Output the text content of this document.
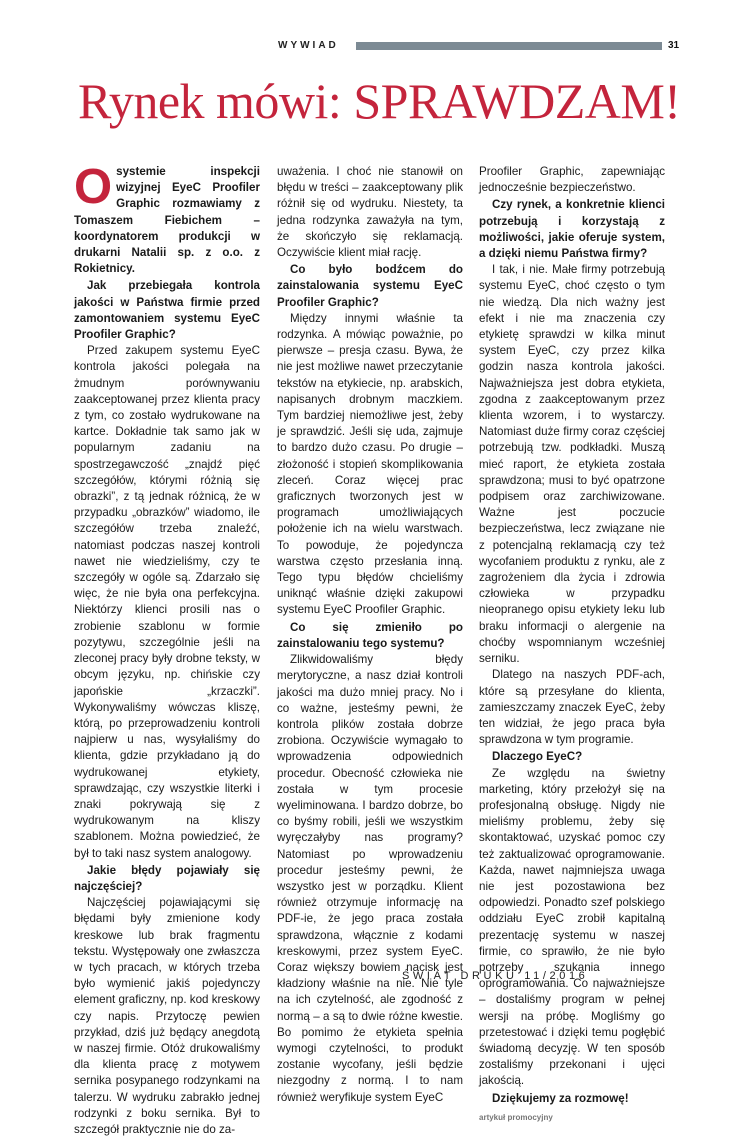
WYWIAD	31
Rynek mówi: SPRAWDZAM!

Osystemie inspekcji wizyjnej EyeC Proofiler Graphic rozmawiamy z Tomaszem Fiebichem – koordynatorem produkcji w drukarni Natalii sp. z o.o. z Rokietnicy.

Jak przebiegała kontrola jakości w Państwa firmie przed zamontowaniem systemu EyeC Proofiler Graphic?

Przed zakupem systemu EyeC kontrola jakości polegała na żmudnym porównywaniu zaakceptowanej przez klienta pracy z tym, co zostało wydrukowane na kartce. Dokładnie tak samo jak w popularnym zadaniu na spostrzegawczość „znajdź pięć szczegółów, którymi różnią się obrazki”, z tą jednak różnicą, że w przypadku „obrazków” wiadomo, ile szczegółów trzeba znaleźć, natomiast podczas naszej kontroli nawet nie wiedzieliśmy, czy te szczegóły w ogóle są. Zdarzało się więc, że nie była ona perfekcyjna. Niektórzy klienci prosili nas o zrobienie szablonu w formie pozytywu, szczególnie jeśli na zleconej pracy były drobne teksty, w obcym języku, np. chińskie czy japońskie „krzaczki”. Wykonywaliśmy wówczas kliszę, którą, po przeprowadzeniu kontroli najpierw u nas, wysyłaliśmy do klienta, gdzie przykładano ją do wydrukowanej etykiety, sprawdzając, czy wszystkie literki i znaki pokrywają się z wydrukowanym na kliszy szablonem. Można powiedzieć, że był to taki nasz system analogowy.

Jakie błędy pojawiały się najczęściej?

Najczęściej pojawiającymi się błędami były zmienione kody kreskowe lub brak fragmentu tekstu. Występowały one zwłaszcza w tych pracach, w których trzeba było wymienić jakiś pojedynczy element graficzny, np. kod kreskowy czy napis. Przytoczę pewien przykład, dziś już będący anegdotą w naszej firmie. Otóż drukowaliśmy dla klienta pracę z motywem sernika posypanego rodzynkami na talerzu. W wydruku zabrakło jednej rodzynki z boku sernika. Był to szczegół praktycznie nie do za-

uważenia. I choć nie stanowił on błędu w treści – zaakceptowany plik różnił się od wydruku. Niestety, ta jedna rodzynka zaważyła na tym, że skończyło się reklamacją. Oczywiście klient miał rację.

Co było bodźcem do zainstalowania systemu EyeC Proofiler Graphic?

Między innymi właśnie ta rodzynka. A mówiąc poważnie, po pierwsze – presja czasu. Bywa, że nie jest możliwe nawet przeczytanie tekstów na etykiecie, np. arabskich, napisanych drobnym maczkiem. Tym bardziej niemożliwe jest, żeby je sprawdzić. Jeśli się uda, zajmuje to bardzo dużo czasu. Po drugie – złożoność i stopień skomplikowania zleceń. Coraz więcej prac graficznych tworzonych jest w programach umożliwiających położenie ich na wielu warstwach. To powoduje, że pojedyncza warstwa często przesłania inną. Tego typu błędów chcieliśmy uniknąć właśnie dzięki zakupowi systemu EyeC Proofiler Graphic.

Co się zmieniło po zainstalowaniu tego systemu?

Zlikwidowaliśmy błędy merytoryczne, a nasz dział kontroli jakości ma dużo mniej pracy. No i co ważne, jesteśmy pewni, że kontrola plików została dobrze zrobiona. Oczywiście wymagało to wprowadzenia odpowiednich procedur. Obecność człowieka nie została w tym procesie wyeliminowana. I bardzo dobrze, bo co byśmy robili, jeśli we wszystkim wyręczałyby nas programy? Natomiast po wprowadzeniu procedur jesteśmy pewni, że wszystko jest w porządku. Klient również otrzymuje informację na PDF-ie, że jego praca została sprawdzona, włącznie z kodami kreskowymi, przez system EyeC. Coraz większy bowiem nacisk jest kładziony właśnie na nie. Nie tyle na ich czytelność, ale zgodność z normą – a są to dwie różne kwestie. Bo pomimo że etykieta spełnia wymogi czytelności, to produkt zostanie wycofany, jeśli będzie niezgodny z normą. I to nam również weryfikuje system EyeC

Proofiler Graphic, zapewniając jednocześnie bezpieczeństwo.

Czy rynek, a konkretnie klienci potrzebują i korzystają z możliwości, jakie oferuje system, a dzięki niemu Państwa firmy?

I tak, i nie. Małe firmy potrzebują systemu EyeC, choć często o tym nie wiedzą. Dla nich ważny jest efekt i nie ma znaczenia czy etykietę sprawdzi w kilka minut system EyeC, czy przez kilka godzin nasza kontrola jakości. Najważniejsza jest dobra etykieta, zgodna z zaakceptowanym przez klienta wzorem, i to wystarczy. Natomiast duże firmy coraz częściej potrzebują tzw. podkładki. Muszą mieć raport, że etykieta została sprawdzona; musi to być opatrzone podpisem oraz zarchiwizowane. Ważne jest poczucie bezpieczeństwa, lecz związane nie z potencjalną reklamacją czy też wycofaniem produktu z rynku, ale z zagrożeniem dla życia i zdrowia człowieka w przypadku nieopranego opisu etykiety leku lub braku informacji o alergenie na choćby wspomnianym wcześniej serniku.

Dlatego na naszych PDF-ach, które są przesyłane do klienta, zamieszczamy znaczek EyeC, żeby ten widział, że jego praca była sprawdzona w tym programie.

Dlaczego EyeC?

Ze względu na świetny marketing, który przełożył się na profesjonalną obsługę. Nigdy nie mieliśmy problemu, żeby się skontaktować, uzyskać pomoc czy też zaktualizować oprogramowanie. Każda, nawet najmniejsza uwaga nie jest pozostawiona bez odpowiedzi. Ponadto szef polskiego oddziału EyeC zrobił kapitalną prezentację systemu w naszej firmie, co sprawiło, że nie było potrzeby szukania innego oprogramowania. Co najważniejsze – dostaliśmy program w pełnej wersji na próbę. Mogliśmy go przetestować i dzięki temu pogłębić świadomą decyzję. W ten sposób zostaliśmy przekonani i ujęci jakością.

Dziękujemy za rozmowę!

artykuł promocyjny
ŚWIAT DRUKU 11/2016
